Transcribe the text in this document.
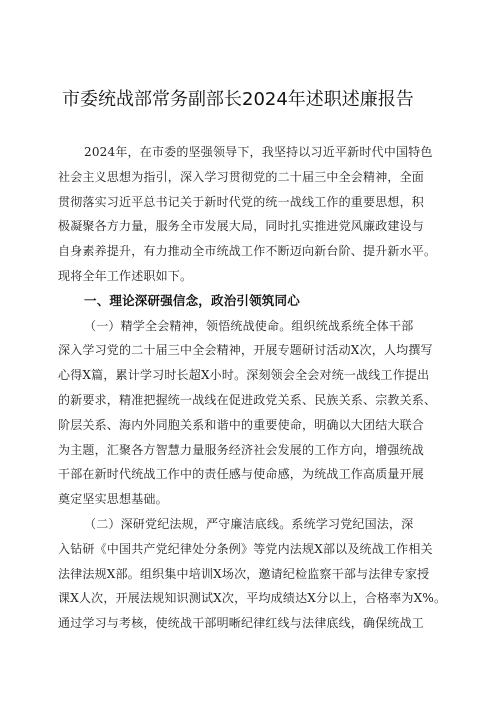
市委统战部常务副部长2024年述职述廉报告
2024年，在市委的坚强领导下，我坚持以习近平新时代中国特色
社会主义思想为指引，深入学习贯彻党的二十届三中全会精神，全面
贯彻落实习近平总书记关于新时代党的统一战线工作的重要思想，积
极凝聚各方力量，服务全市发展大局，同时扎实推进党风廉政建设与
自身素养提升，有力推动全市统战工作不断迈向新台阶、提升新水平。
现将全年工作述职如下。
一、理论深研强信念，政治引领筑同心
（一）精学全会精神，领悟统战使命。组织统战系统全体干部
深入学习党的二十届三中全会精神，开展专题研讨活动X次，人均撰写
心得X篇，累计学习时长超X小时。深刻领会全会对统一战线工作提出
的新要求，精准把握统一战线在促进政党关系、民族关系、宗教关系、
阶层关系、海内外同胞关系和谐中的重要使命，明确以大团结大联合
为主题，汇聚各方智慧力量服务经济社会发展的工作方向，增强统战
干部在新时代统战工作中的责任感与使命感，为统战工作高质量开展
奠定坚实思想基础。
（二）深研党纪法规，严守廉洁底线。系统学习党纪国法，深
入钻研《中国共产党纪律处分条例》等党内法规X部以及统战工作相关
法律法规X部。组织集中培训X场次，邀请纪检监察干部与法律专家授
课X人次，开展法规知识测试X次，平均成绩达X分以上，合格率为X%。
通过学习与考核，使统战干部明晰纪律红线与法律底线，确保统战工
